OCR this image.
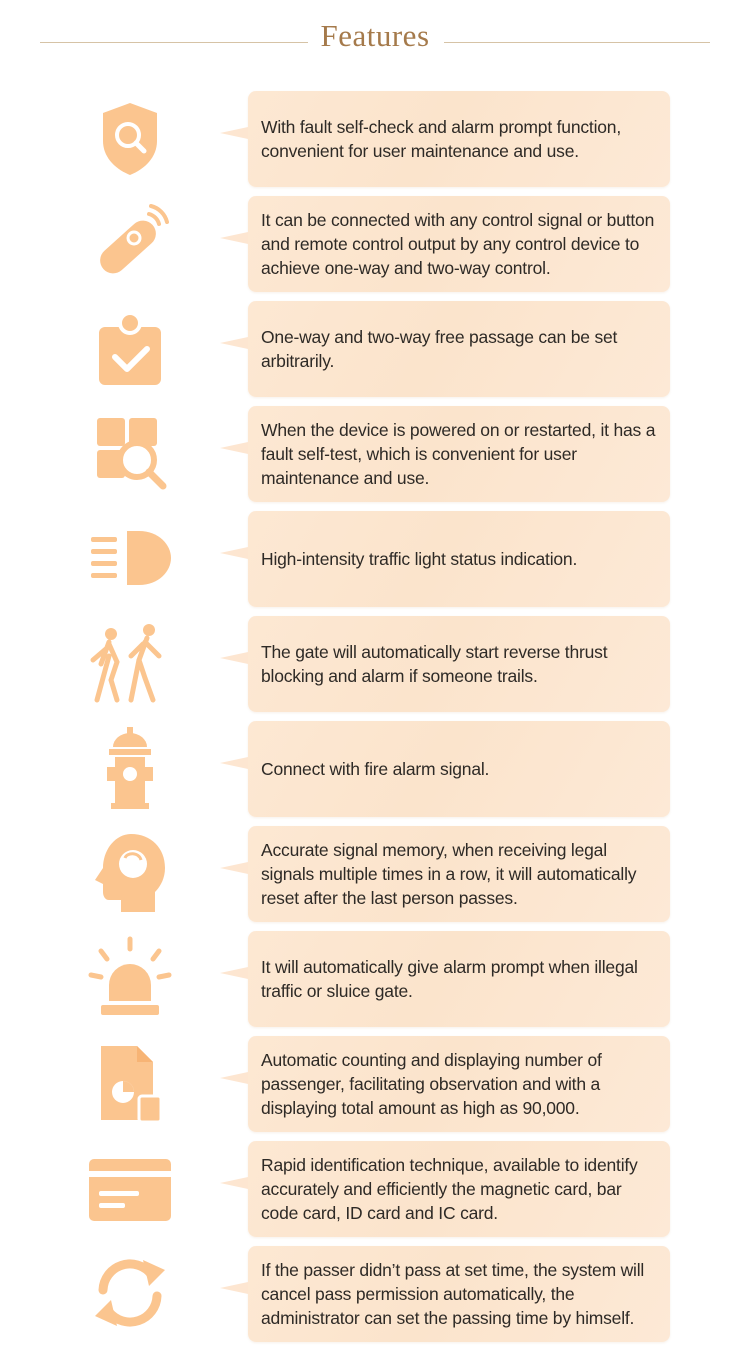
Features
With fault self-check and alarm prompt function, convenient for user maintenance and use.
It can be connected with any control signal or button and remote control output by any control device to achieve one-way and two-way control.
One-way and two-way free passage can be set arbitrarily.
When the device is powered on or restarted, it has a fault self-test, which is convenient for user maintenance and use.
High-intensity traffic light status indication.
The gate will automatically start reverse thrust blocking and alarm if someone trails.
Connect with fire alarm signal.
Accurate signal memory, when receiving legal signals multiple times in a row, it will automatically reset after the last person passes.
It will automatically give alarm prompt when illegal traffic or sluice gate.
Automatic counting and displaying number of passenger, facilitating observation and with a displaying total amount as high as 90,000.
Rapid identification technique, available to identify accurately and efficiently the magnetic card, bar code card, ID card and IC card.
If the passer didn’t pass at set time, the system will cancel pass permission automatically, the administrator can set the passing time by himself.
